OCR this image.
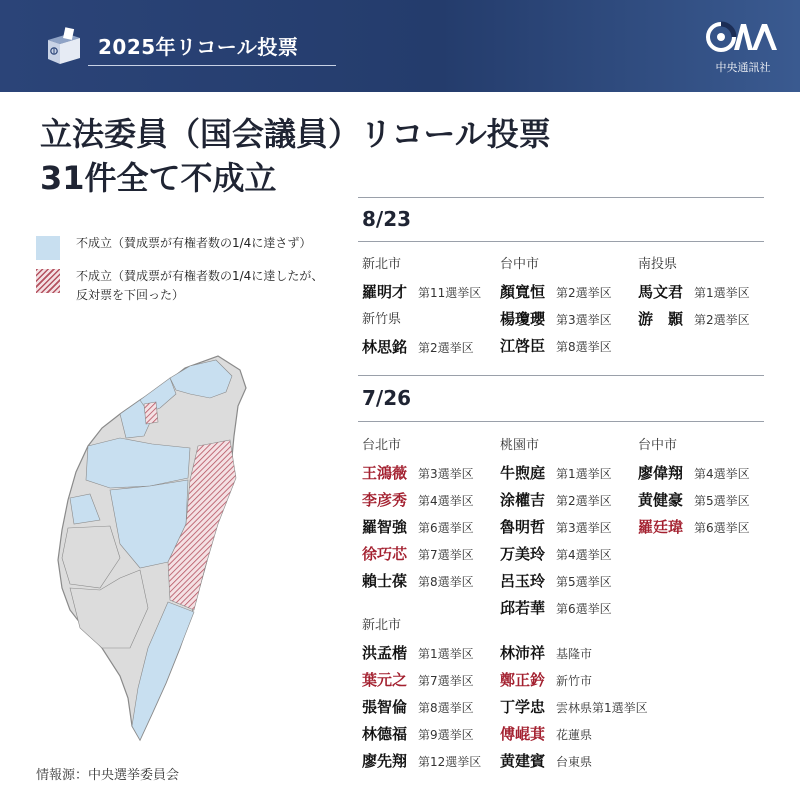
2025年リコール投票
中央通訊社
立法委員（国会議員）リコール投票
31件全て不成立
不成立（賛成票が有権者数の1/4に達さず）
不成立（賛成票が有権者数の1/4に達したが、
反対票を下回った）
情報源：中央選挙委員会
8/23
新北市
羅明才 第11選挙区
新竹県
林思銘 第2選挙区
台中市
顏寬恒 第2選挙区
楊瓊瓔 第3選挙区
江啓臣 第8選挙区
南投県
馬文君 第1選挙区
游　顥 第2選挙区
7/26
台北市
王鴻薇 第3選挙区
李彦秀 第4選挙区
羅智強 第6選挙区
徐巧芯 第7選挙区
賴士葆 第8選挙区
桃園市
牛煦庭 第1選挙区
涂權吉 第2選挙区
魯明哲 第3選挙区
万美玲 第4選挙区
呂玉玲 第5選挙区
邱若華 第6選挙区
台中市
廖偉翔 第4選挙区
黄健豪 第5選挙区
羅廷瑋 第6選挙区
新北市
洪孟楷 第1選挙区
葉元之 第7選挙区
張智倫 第8選挙区
林德福 第9選挙区
廖先翔 第12選挙区
林沛祥 基隆市
鄭正鈐 新竹市
丁学忠 雲林県第1選挙区
傅崐萁 花蓮県
黄建賓 台東県
